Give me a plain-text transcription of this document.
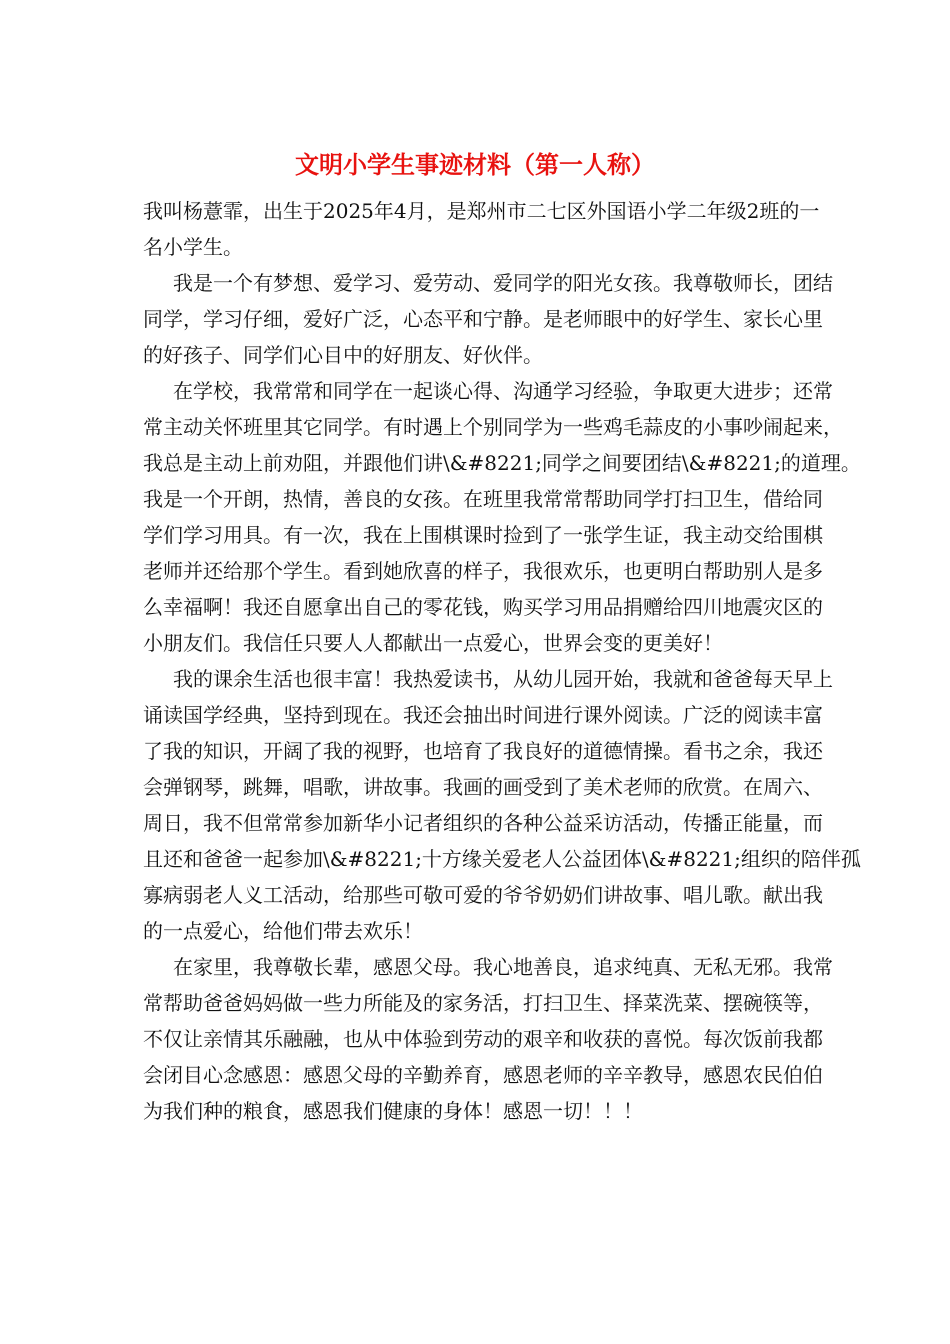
文明小学生事迹材料（第一人称）
我叫杨薏霏，出生于2025年4月，是郑州市二七区外国语小学二年级2班的一
名小学生。
我是一个有梦想、爱学习、爱劳动、爱同学的阳光女孩。我尊敬师长，团结
同学，学习仔细，爱好广泛，心态平和宁静。是老师眼中的好学生、家长心里
的好孩子、同学们心目中的好朋友、好伙伴。
在学校，我常常和同学在一起谈心得、沟通学习经验，争取更大进步；还常
常主动关怀班里其它同学。有时遇上个别同学为一些鸡毛蒜皮的小事吵闹起来，
我总是主动上前劝阻，并跟他们讲\&#8221;同学之间要团结\&#8221;的道理。
我是一个开朗，热情，善良的女孩。在班里我常常帮助同学打扫卫生，借给同
学们学习用具。有一次，我在上围棋课时捡到了一张学生证，我主动交给围棋
老师并还给那个学生。看到她欣喜的样子，我很欢乐，也更明白帮助别人是多
么幸福啊！我还自愿拿出自己的零花钱，购买学习用品捐赠给四川地震灾区的
小朋友们。我信任只要人人都献出一点爱心，世界会变的更美好！
我的课余生活也很丰富！我热爱读书，从幼儿园开始，我就和爸爸每天早上
诵读国学经典，坚持到现在。我还会抽出时间进行课外阅读。广泛的阅读丰富
了我的知识，开阔了我的视野，也培育了我良好的道德情操。看书之余，我还
会弹钢琴，跳舞，唱歌，讲故事。我画的画受到了美术老师的欣赏。在周六、
周日，我不但常常参加新华小记者组织的各种公益采访活动，传播正能量，而
且还和爸爸一起参加\&#8221;十方缘关爱老人公益团体\&#8221;组织的陪伴孤
寡病弱老人义工活动，给那些可敬可爱的爷爷奶奶们讲故事、唱儿歌。献出我
的一点爱心，给他们带去欢乐！
在家里，我尊敬长辈，感恩父母。我心地善良，追求纯真、无私无邪。我常
常帮助爸爸妈妈做一些力所能及的家务活，打扫卫生、择菜洗菜、摆碗筷等，
不仅让亲情其乐融融，也从中体验到劳动的艰辛和收获的喜悦。每次饭前我都
会闭目心念感恩：感恩父母的辛勤养育，感恩老师的辛辛教导，感恩农民伯伯
为我们种的粮食，感恩我们健康的身体！感恩一切！！！
